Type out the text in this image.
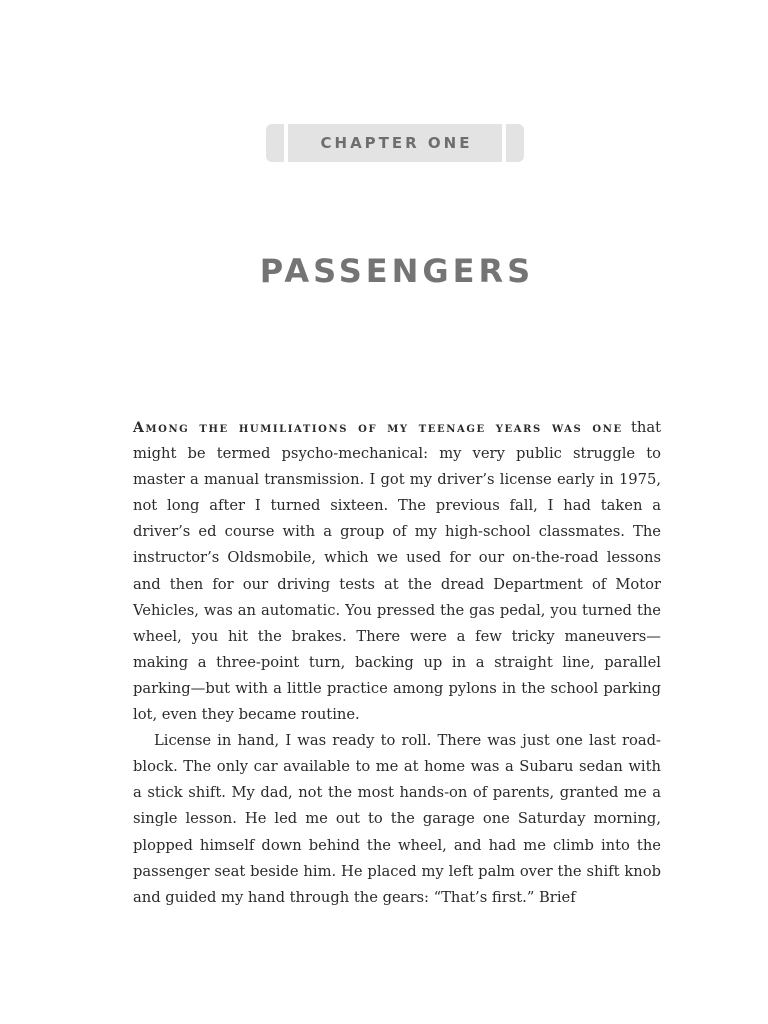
CHAPTER ONE
PASSENGERS

Among the humiliations of my teenage years was one that might be termed psycho-mechanical: my very public struggle to master a manual transmission. I got my driver’s license early in 1975, not long after I turned sixteen. The previous fall, I had taken a driver’s ed course with a group of my high-school classmates. The instructor’s Oldsmobile, which we used for our on-the-road lessons and then for our driving tests at the dread Department of Motor Vehicles, was an automatic. You pressed the gas pedal, you turned the wheel, you hit the brakes. There were a few tricky maneuvers—making a three-point turn, backing up in a straight line, parallel parking—but with a little practice among pylons in the school parking lot, even they became routine.

License in hand, I was ready to roll. There was just one last road-block. The only car available to me at home was a Subaru sedan with a stick shift. My dad, not the most hands-on of parents, granted me a single lesson. He led me out to the garage one Saturday morning, plopped himself down behind the wheel, and had me climb into the passenger seat beside him. He placed my left palm over the shift knob and guided my hand through the gears: “That’s first.” Brief
